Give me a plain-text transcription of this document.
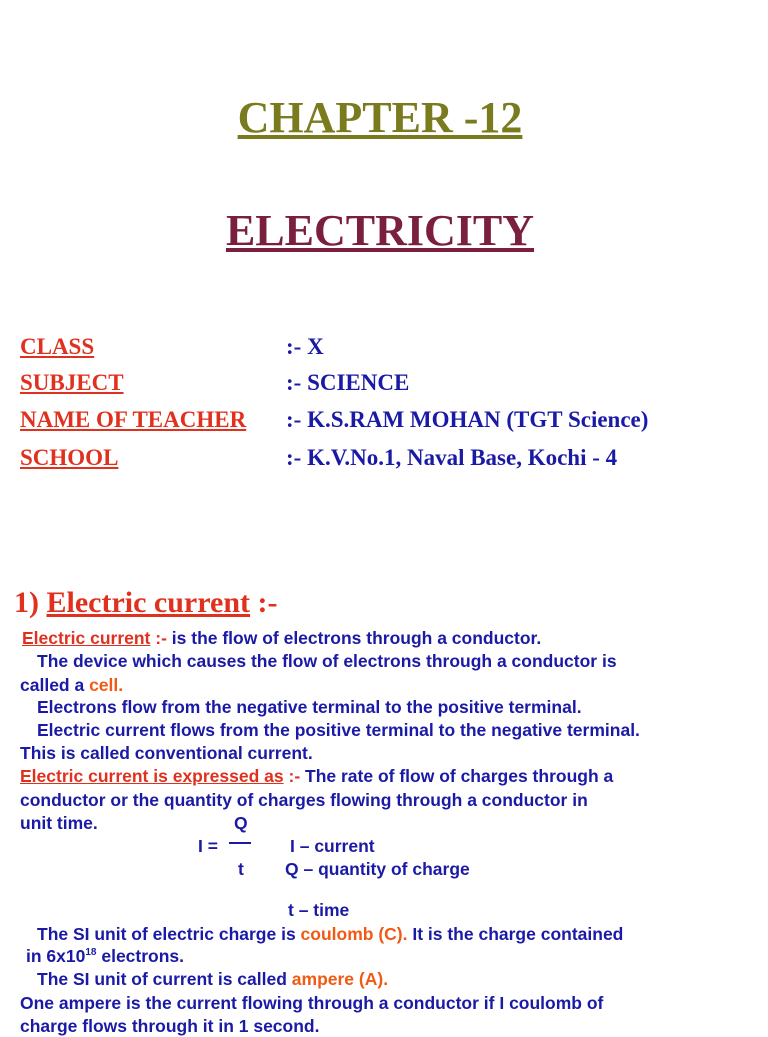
CHAPTER -12
ELECTRICITY
CLASS	:- X
SUBJECT	:- SCIENCE
NAME OF TEACHER :- K.S.RAM MOHAN (TGT Science)
SCHOOL	:- K.V.No.1, Naval Base, Kochi - 4
1) Electric current :-
Electric current :- is the flow of electrons through a conductor.
The device which causes the flow of electrons through a conductor is
called a cell.
Electrons flow from the negative terminal to the positive terminal.
Electric current flows from the positive terminal to the negative terminal.
This is called conventional current.
Electric current is expressed as :- The rate of flow of charges through a
conductor or the quantity of charges flowing through a conductor in
unit time.	Q
I =
t
I – current
Q – quantity of charge
t – time
The SI unit of electric charge is coulomb (C). It is the charge contained
in $6x10^{18}$ electrons.
The SI unit of current is called ampere (A).
One ampere is the current flowing through a conductor if I coulomb of
charge flows through it in 1 second.
